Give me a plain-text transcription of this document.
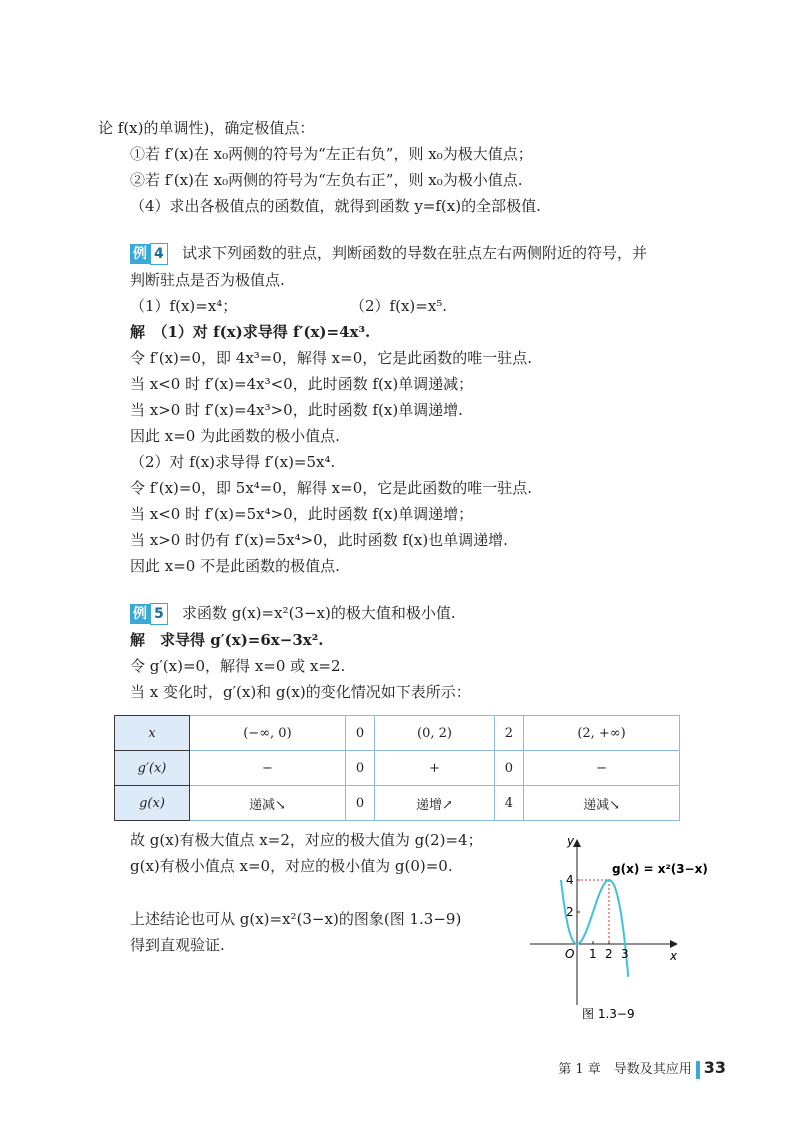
论 f(x)的单调性)，确定极值点：
①若 f′(x)在 x₀两侧的符号为“左正右负”，则 x₀为极大值点；
②若 f′(x)在 x₀两侧的符号为“左负右正”，则 x₀为极小值点.
（4）求出各极值点的函数值，就得到函数 y=f(x)的全部极值.
例 4 试求下列函数的驻点，判断函数的导数在驻点左右两侧附近的符号，并
判断驻点是否为极值点.
（1）f(x)=x⁴；	（2）f(x)=x⁵.
解　（1）对 f(x)求导得 f′(x)=4x³.
令 f′(x)=0，即 4x³=0，解得 x=0，它是此函数的唯一驻点.
当 x<0 时 f′(x)=4x³<0，此时函数 f(x)单调递减；
当 x>0 时 f′(x)=4x³>0，此时函数 f(x)单调递增.
因此 x=0 为此函数的极小值点.
（2）对 f(x)求导得 f′(x)=5x⁴.
令 f′(x)=0，即 5x⁴=0，解得 x=0，它是此函数的唯一驻点.
当 x<0 时 f′(x)=5x⁴>0，此时函数 f(x)单调递增；
当 x>0 时仍有 f′(x)=5x⁴>0，此时函数 f(x)也单调递增.
因此 x=0 不是此函数的极值点.
例 5 求函数 g(x)=x²(3−x)的极大值和极小值.
解　求导得 g′(x)=6x−3x².
令 g′(x)=0，解得 x=0 或 x=2.
当 x 变化时，g′(x)和 g(x)的变化情况如下表所示：
x	(−∞, 0)	0	(0, 2)	2	(2, +∞)
g′(x)	−	0	+	0	−
g(x)	递减↘	0	递增↗	4	递减↘
故 g(x)有极大值点 x=2，对应的极大值为 g(2)=4；
g(x)有极小值点 x=0，对应的极小值为 g(0)=0.
上述结论也可从 g(x)=x²(3−x)的图象(图 1.3−9)
得到直观验证.
y
x
O 1 2 3
2
4
g(x) = x²(3−x)
图 1.3−9
第 1 章　导数及其应用 33
